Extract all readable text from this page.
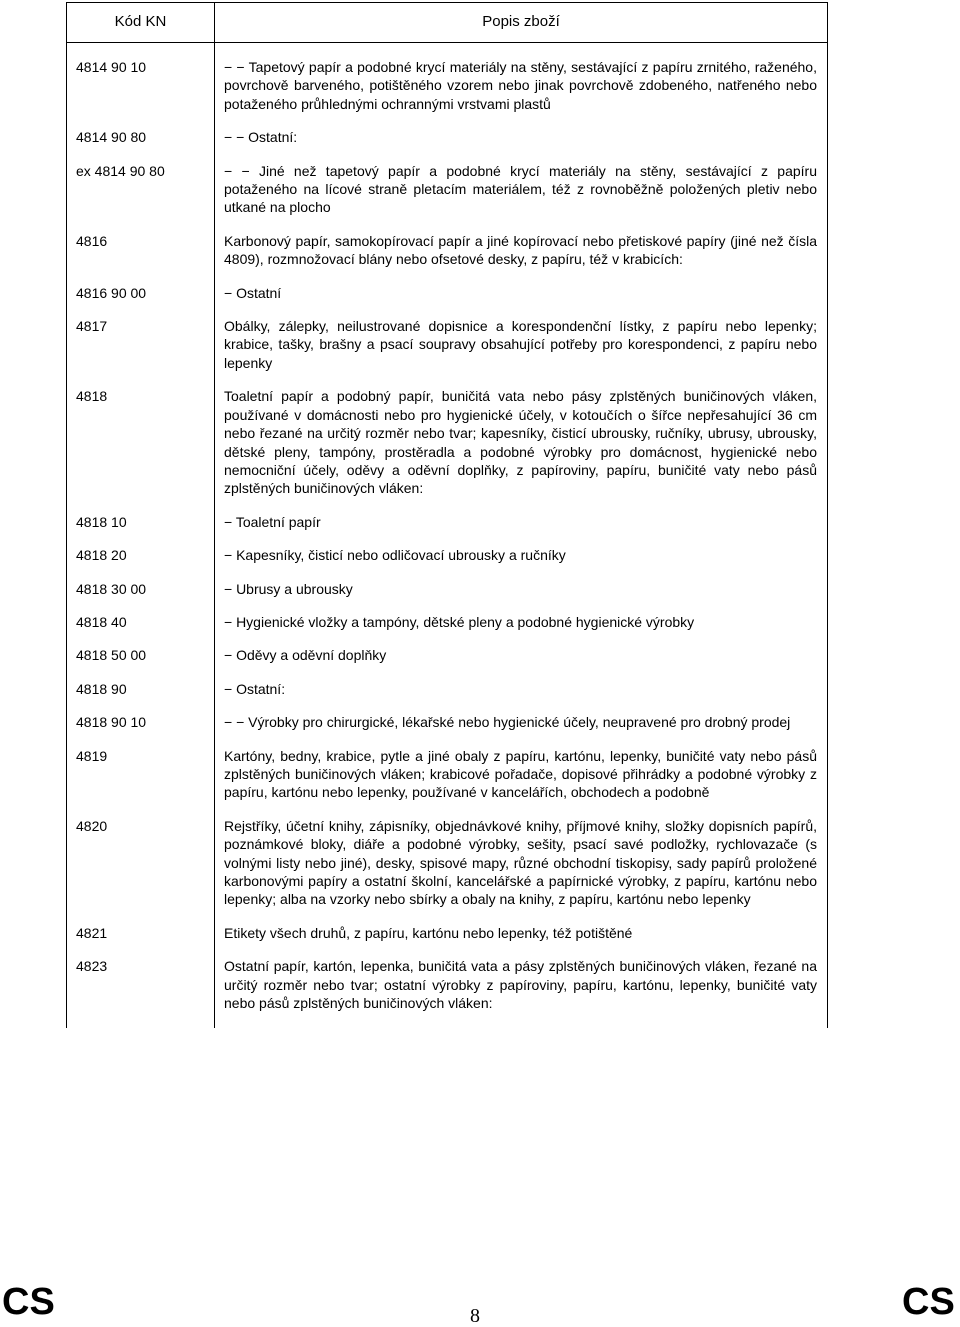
Kód KN	Popis zboží

4814 90 10	− − Tapetový papír a podobné krycí materiály na stěny, sestávající z papíru zrnitého, raženého, povrchově barveného, potištěného vzorem nebo jinak povrchově zdobeného, natřeného nebo potaženého průhlednými ochrannými vrstvami plastů

4814 90 80	− − Ostatní:

ex 4814 90 80	− − Jiné než tapetový papír a podobné krycí materiály na stěny, sestávající z papíru potaženého na lícové straně pletacím materiálem, též z rovnoběžně položených pletiv nebo utkané na plocho

4816	Karbonový papír, samokopírovací papír a jiné kopírovací nebo přetiskové papíry (jiné než čísla 4809), rozmnožovací blány nebo ofsetové desky, z papíru, též v krabicích:

4816 90 00	− Ostatní

4817	Obálky, zálepky, neilustrované dopisnice a korespondenční lístky, z papíru nebo lepenky; krabice, tašky, brašny a psací soupravy obsahující potřeby pro korespondenci, z papíru nebo lepenky

4818	Toaletní papír a podobný papír, buničitá vata nebo pásy zplstěných buničinových vláken, používané v domácnosti nebo pro hygienické účely, v kotoučích o šířce nepřesahující 36 cm nebo řezané na určitý rozměr nebo tvar; kapesníky, čisticí ubrousky, ručníky, ubrusy, ubrousky, dětské pleny, tampóny, prostěradla a podobné výrobky pro domácnost, hygienické nebo nemocniční účely, oděvy a oděvní doplňky, z papíroviny, papíru, buničité vaty nebo pásů zplstěných buničinových vláken:

4818 10	− Toaletní papír

4818 20	− Kapesníky, čisticí nebo odličovací ubrousky a ručníky

4818 30 00	− Ubrusy a ubrousky

4818 40	− Hygienické vložky a tampóny, dětské pleny a podobné hygienické výrobky

4818 50 00	− Oděvy a oděvní doplňky

4818 90	− Ostatní:

4818 90 10	− − Výrobky pro chirurgické, lékařské nebo hygienické účely, neupravené pro drobný prodej

4819	Kartóny, bedny, krabice, pytle a jiné obaly z papíru, kartónu, lepenky, buničité vaty nebo pásů zplstěných buničinových vláken; krabicové pořadače, dopisové přihrádky a podobné výrobky z papíru, kartónu nebo lepenky, používané v kancelářích, obchodech a podobně

4820	Rejstříky, účetní knihy, zápisníky, objednávkové knihy, příjmové knihy, složky dopisních papírů, poznámkové bloky, diáře a podobné výrobky, sešity, psací savé podložky, rychlovazače (s volnými listy nebo jiné), desky, spisové mapy, různé obchodní tiskopisy, sady papírů proložené karbonovými papíry a ostatní školní, kancelářské a papírnické výrobky, z papíru, kartónu nebo lepenky; alba na vzorky nebo sbírky a obaly na knihy, z papíru, kartónu nebo lepenky

4821	Etikety všech druhů, z papíru, kartónu nebo lepenky, též potištěné

4823	Ostatní papír, kartón, lepenka, buničitá vata a pásy zplstěných buničinových vláken, řezané na určitý rozměr nebo tvar; ostatní výrobky z papíroviny, papíru, kartónu, lepenky, buničité vaty nebo pásů zplstěných buničinových vláken:

CS	8	CS
